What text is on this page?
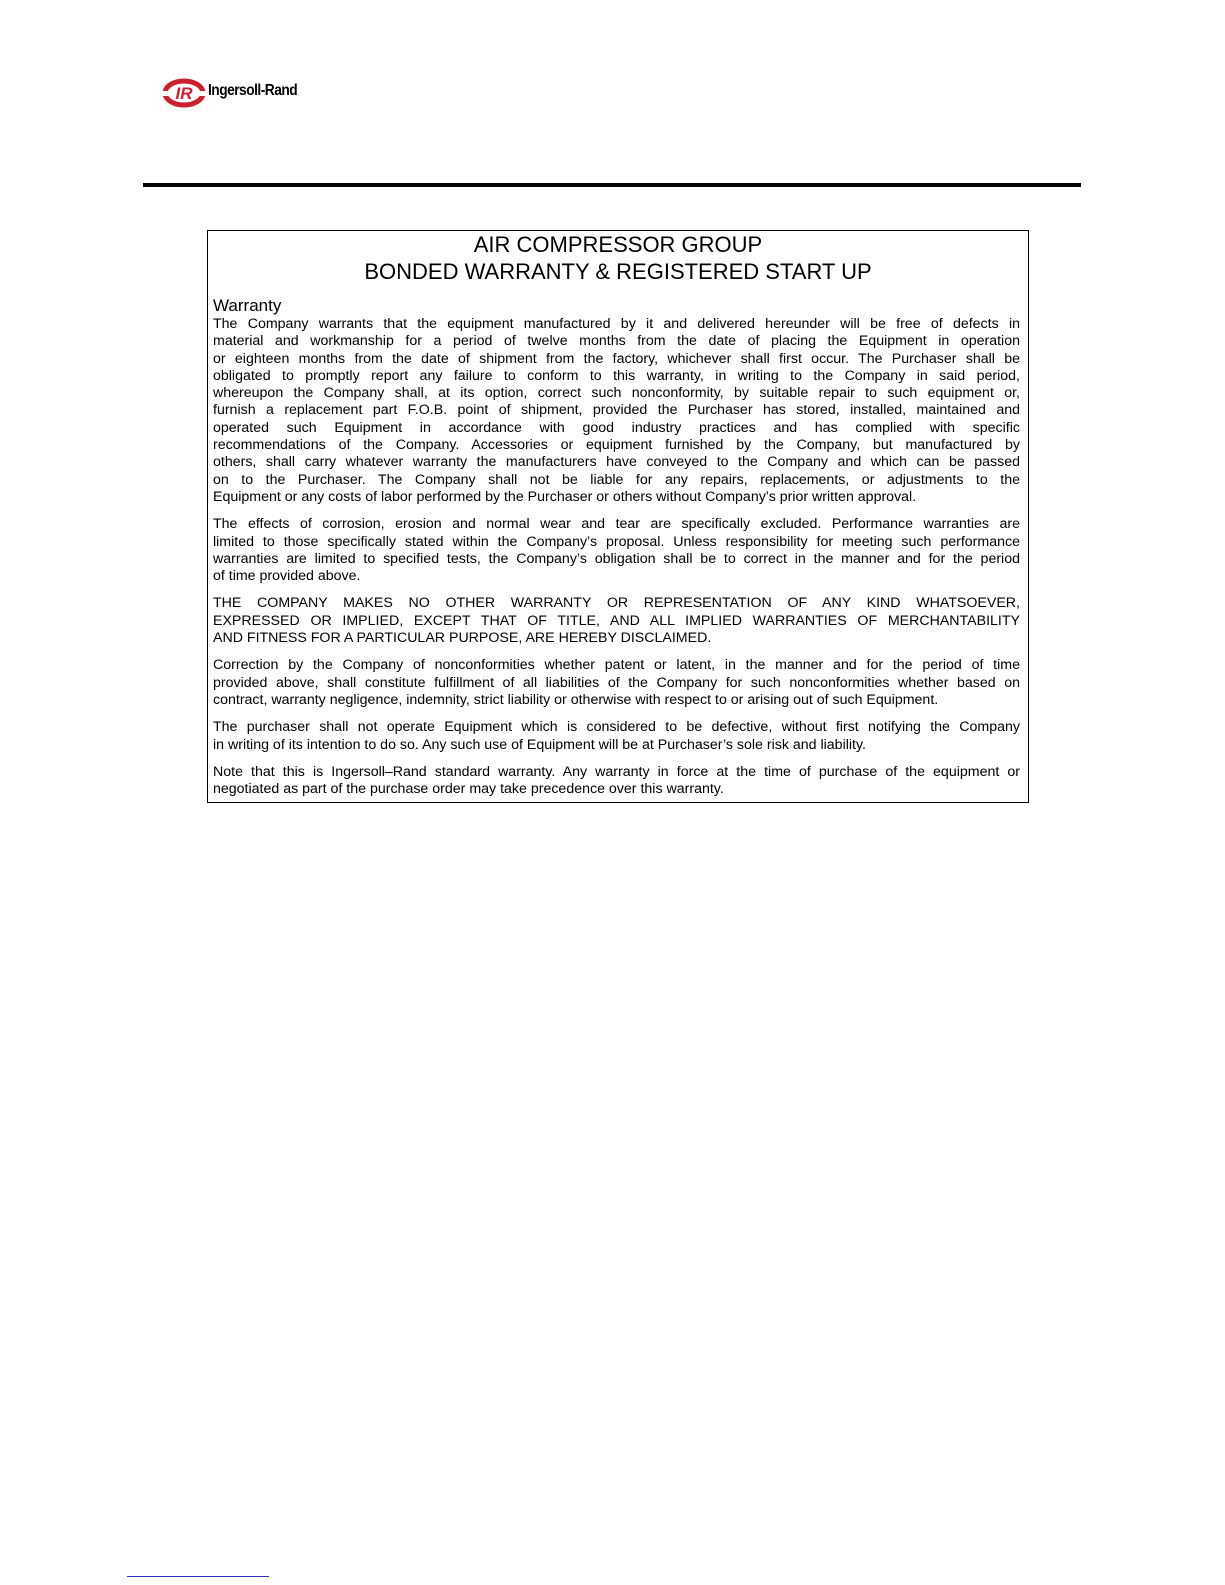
IR Ingersoll-Rand

AIR COMPRESSOR GROUP

BONDED WARRANTY & REGISTERED START UP

Warranty

The Company warrants that the equipment manufactured by it and delivered hereunder will be free of defects in
material and workmanship for a period of twelve months from the date of placing the Equipment in operation
or eighteen months from the date of shipment from the factory, whichever shall first occur. The Purchaser shall be
obligated to promptly report any failure to conform to this warranty, in writing to the Company in said period,
whereupon the Company shall, at its option, correct such nonconformity, by suitable repair to such equipment or,
furnish a replacement part F.O.B. point of shipment, provided the Purchaser has stored, installed, maintained and
operated such Equipment in accordance with good industry practices and has complied with specific
recommendations of the Company. Accessories or equipment furnished by the Company, but manufactured by
others, shall carry whatever warranty the manufacturers have conveyed to the Company and which can be passed
on to the Purchaser. The Company shall not be liable for any repairs, replacements, or adjustments to the
Equipment or any costs of labor performed by the Purchaser or others without Company’s prior written approval.

The effects of corrosion, erosion and normal wear and tear are specifically excluded. Performance warranties are
limited to those specifically stated within the Company’s proposal. Unless responsibility for meeting such performance
warranties are limited to specified tests, the Company’s obligation shall be to correct in the manner and for the period
of time provided above.

THE COMPANY MAKES NO OTHER WARRANTY OR REPRESENTATION OF ANY KIND WHATSOEVER,
EXPRESSED OR IMPLIED, EXCEPT THAT OF TITLE, AND ALL IMPLIED WARRANTIES OF MERCHANTABILITY
AND FITNESS FOR A PARTICULAR PURPOSE, ARE HEREBY DISCLAIMED.

Correction by the Company of nonconformities whether patent or latent, in the manner and for the period of time
provided above, shall constitute fulfillment of all liabilities of the Company for such nonconformities whether based on
contract, warranty negligence, indemnity, strict liability or otherwise with respect to or arising out of such Equipment.

The purchaser shall not operate Equipment which is considered to be defective, without first notifying the Company
in writing of its intention to do so. Any such use of Equipment will be at Purchaser’s sole risk and liability.

Note that this is Ingersoll–Rand standard warranty. Any warranty in force at the time of purchase of the equipment or
negotiated as part of the purchase order may take precedence over this warranty.
